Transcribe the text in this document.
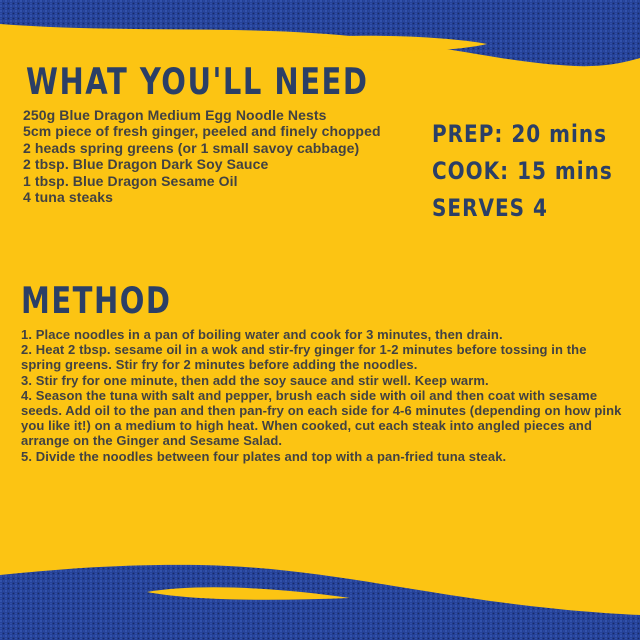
WHAT YOU'LL NEED
250g Blue Dragon Medium Egg Noodle Nests
5cm piece of fresh ginger, peeled and finely chopped
2 heads spring greens (or 1 small savoy cabbage)
2 tbsp. Blue Dragon Dark Soy Sauce
1 tbsp. Blue Dragon Sesame Oil
4 tuna steaks
PREP: 20 mins
COOK: 15 mins
SERVES 4
METHOD
1. Place noodles in a pan of boiling water and cook for 3 minutes, then drain.
2. Heat 2 tbsp. sesame oil in a wok and stir-fry ginger for 1-2 minutes before tossing in the spring greens. Stir fry for 2 minutes before adding the noodles.
3. Stir fry for one minute, then add the soy sauce and stir well. Keep warm.
4. Season the tuna with salt and pepper, brush each side with oil and then coat with sesame seeds. Add oil to the pan and then pan-fry on each side for 4-6 minutes (depending on how pink you like it!) on a medium to high heat. When cooked, cut each steak into angled pieces and arrange on the Ginger and Sesame Salad.
5. Divide the noodles between four plates and top with a pan-fried tuna steak.
